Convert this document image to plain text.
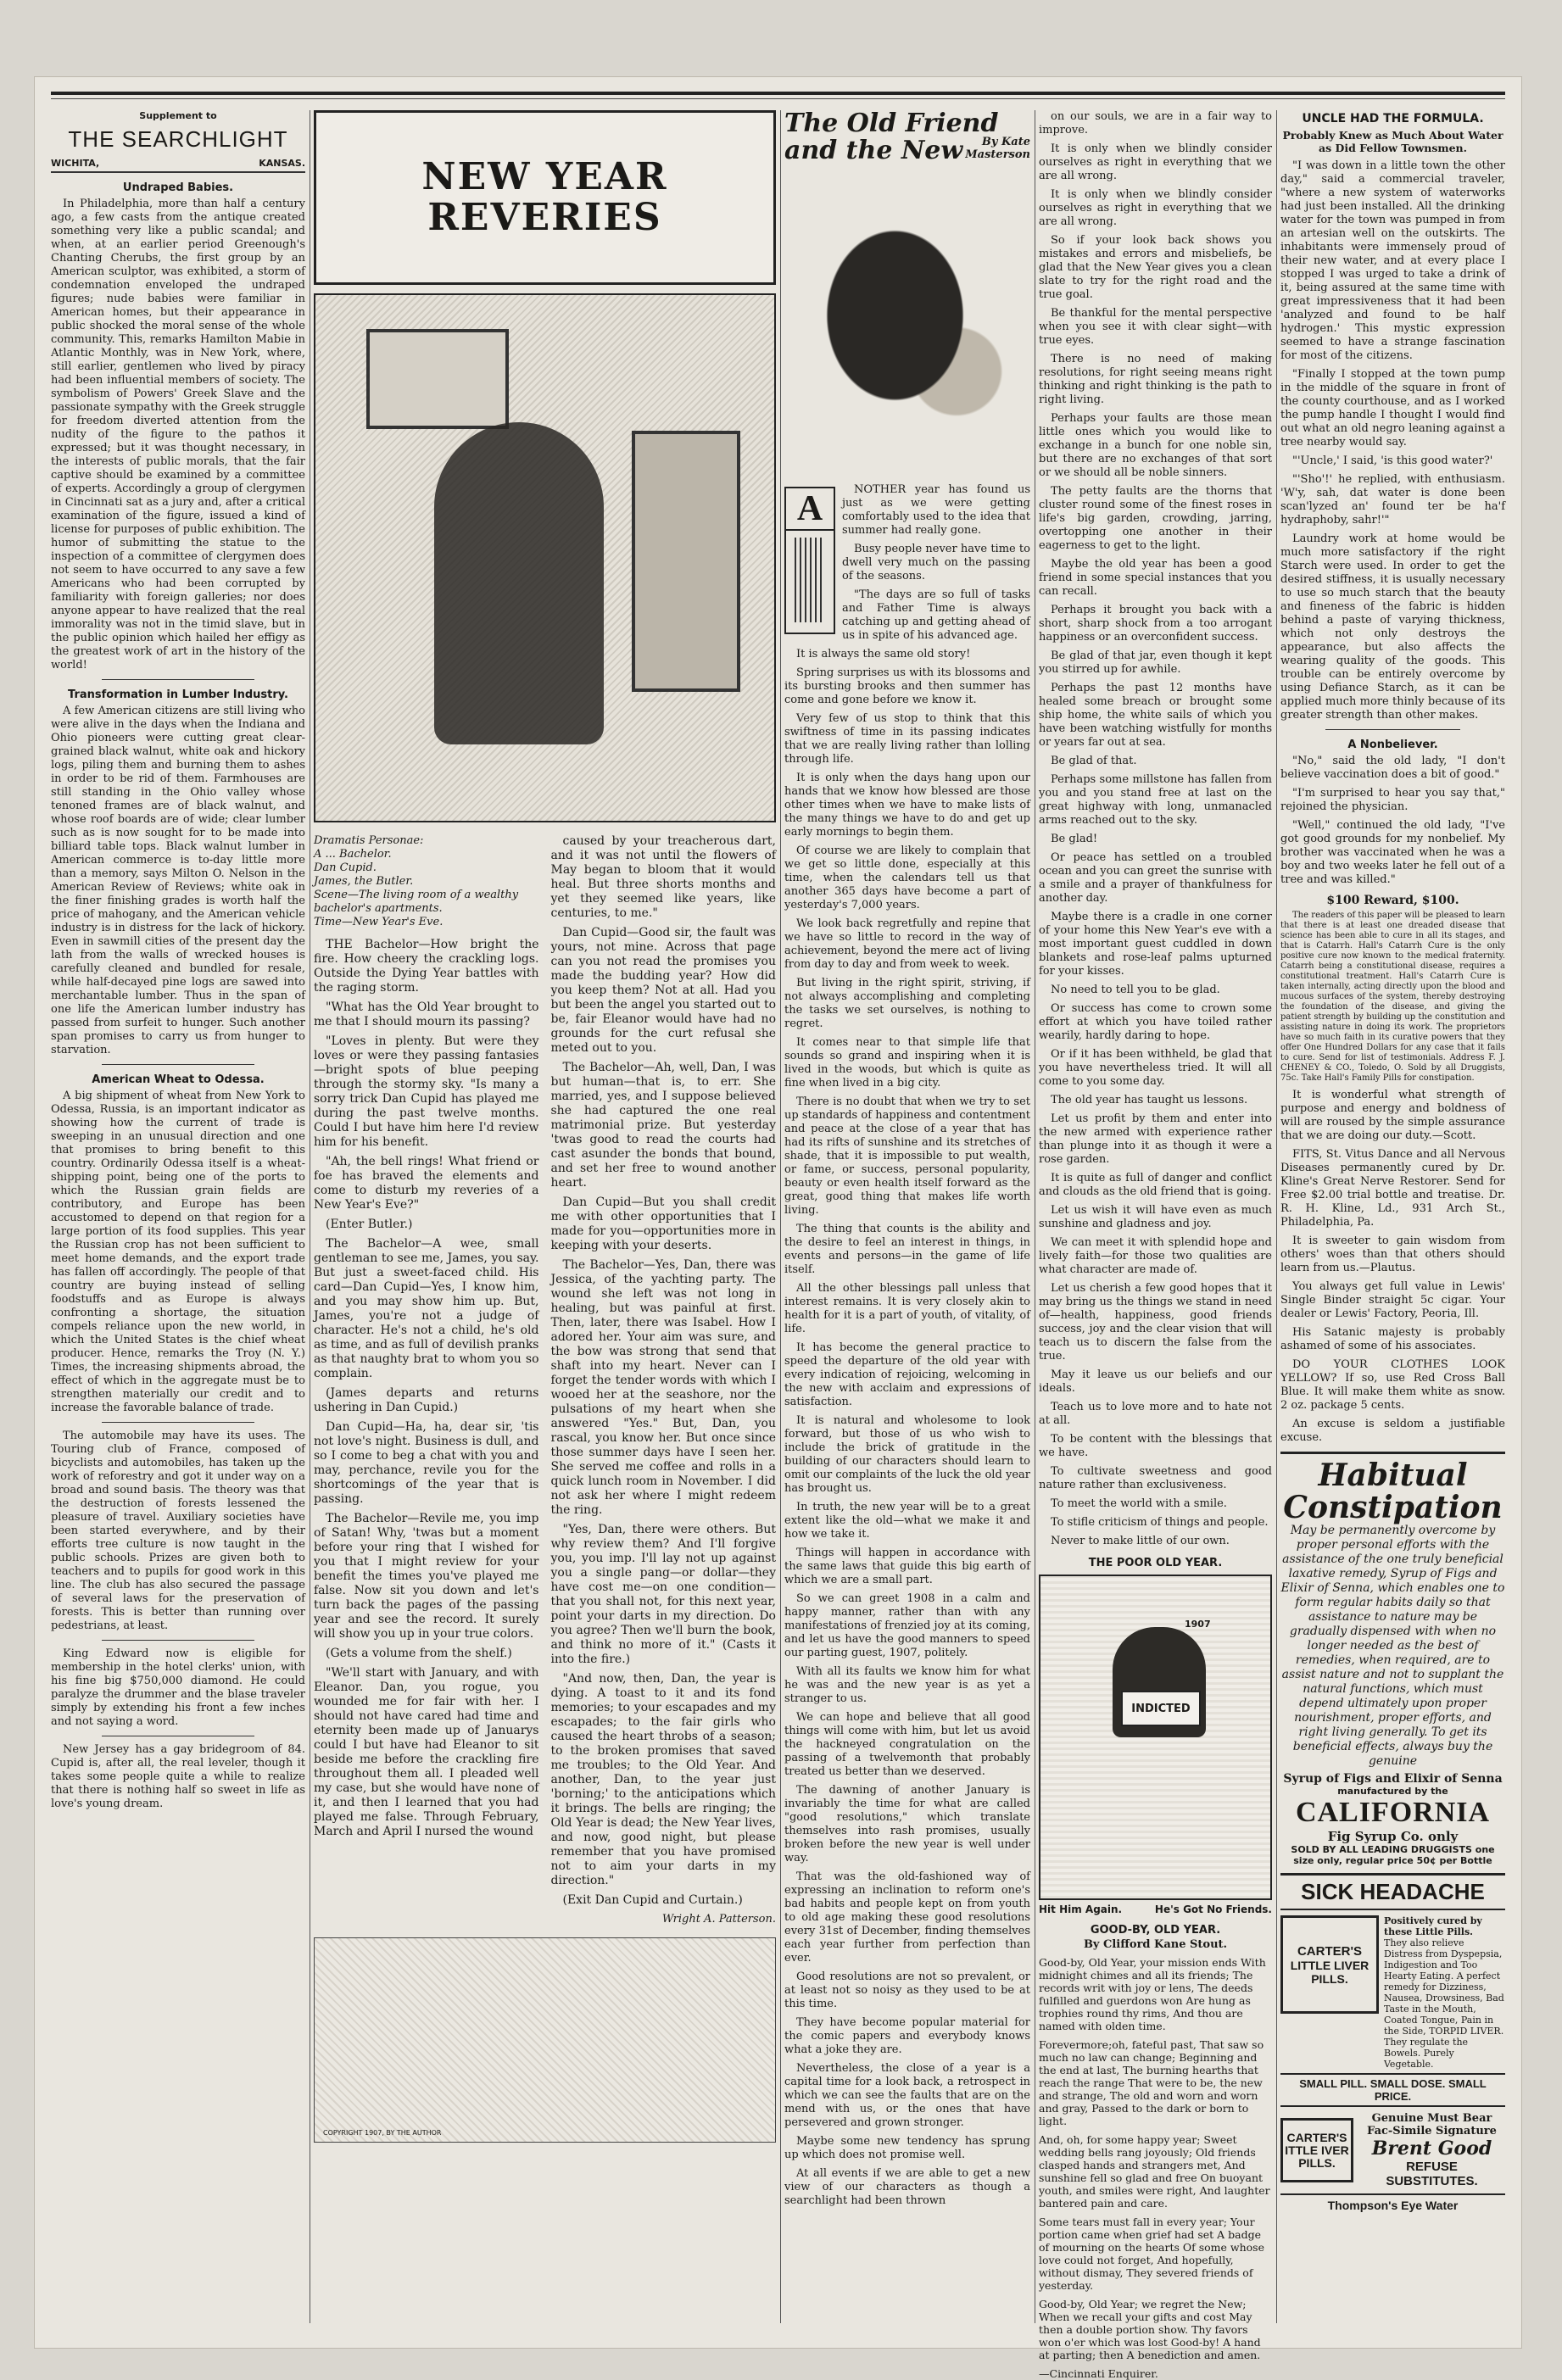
Supplement to
THE SEARCHLIGHT
WICHITA,	KANSAS.
Undraped Babies.

In Philadelphia, more than half a century ago, a few casts from the antique created something very like a public scandal; and when, at an earlier period Greenough's Chanting Cherubs, the first group by an American sculptor, was exhibited, a storm of condemnation enveloped the undraped figures; nude babies were familiar in American homes, but their appearance in public shocked the moral sense of the whole community. This, remarks Hamilton Mabie in Atlantic Monthly, was in New York, where, still earlier, gentlemen who lived by piracy had been influential members of society. The symbolism of Powers' Greek Slave and the passionate sympathy with the Greek struggle for freedom diverted attention from the nudity of the figure to the pathos it expressed; but it was thought necessary, in the interests of public morals, that the fair captive should be examined by a committee of experts. Accordingly a group of clergymen in Cincinnati sat as a jury and, after a critical examination of the figure, issued a kind of license for purposes of public exhibition. The humor of submitting the statue to the inspection of a committee of clergymen does not seem to have occurred to any save a few Americans who had been corrupted by familiarity with foreign galleries; nor does anyone appear to have realized that the real immorality was not in the timid slave, but in the public opinion which hailed her effigy as the greatest work of art in the history of the world!

Transformation in Lumber Industry.

A few American citizens are still living who were alive in the days when the Indiana and Ohio pioneers were cutting great clear-grained black walnut, white oak and hickory logs, piling them and burning them to ashes in order to be rid of them. Farmhouses are still standing in the Ohio valley whose tenoned frames are of black walnut, and whose roof boards are of wide; clear lumber such as is now sought for to be made into billiard table tops. Black walnut lumber in American commerce is to-day little more than a memory, says Milton O. Nelson in the American Review of Reviews; white oak in the finer finishing grades is worth half the price of mahogany, and the American vehicle industry is in distress for the lack of hickory. Even in sawmill cities of the present day the lath from the walls of wrecked houses is carefully cleaned and bundled for resale, while half-decayed pine logs are sawed into merchantable lumber. Thus in the span of one life the American lumber industry has passed from surfeit to hunger. Such another span promises to carry us from hunger to starvation.

American Wheat to Odessa.

A big shipment of wheat from New York to Odessa, Russia, is an important indicator as showing how the current of trade is sweeping in an unusual direction and one that promises to bring benefit to this country. Ordinarily Odessa itself is a wheat-shipping point, being one of the ports to which the Russian grain fields are contributory, and Europe has been accustomed to depend on that region for a large portion of its food supplies. This year the Russian crop has not been sufficient to meet home demands, and the export trade has fallen off accordingly. The people of that country are buying instead of selling foodstuffs and as Europe is always confronting a shortage, the situation compels reliance upon the new world, in which the United States is the chief wheat producer. Hence, remarks the Troy (N. Y.) Times, the increasing shipments abroad, the effect of which in the aggregate must be to strengthen materially our credit and to increase the favorable balance of trade.

The automobile may have its uses. The Touring club of France, composed of bicyclists and automobiles, has taken up the work of reforestry and got it under way on a broad and sound basis. The theory was that the destruction of forests lessened the pleasure of travel. Auxiliary societies have been started everywhere, and by their efforts tree culture is now taught in the public schools. Prizes are given both to teachers and to pupils for good work in this line. The club has also secured the passage of several laws for the preservation of forests. This is better than running over pedestrians, at least.

King Edward now is eligible for membership in the hotel clerks' union, with his fine big $750,000 diamond. He could paralyze the drummer and the blase traveler simply by extending his front a few inches and not saying a word.

New Jersey has a gay bridegroom of 84. Cupid is, after all, the real leveler, though it takes some people quite a while to realize that there is nothing half so sweet in life as love's young dream.

NEW YEAR
REVERIES
Dramatis Personae:
A ... Bachelor.
Dan Cupid.
James, the Butler.
Scene—The living room of a wealthy bachelor's apartments.
Time—New Year's Eve.

THE Bachelor—How bright the fire. How cheery the crackling logs. Outside the Dying Year battles with the raging storm.

"What has the Old Year brought to me that I should mourn its passing?

"Loves in plenty. But were they loves or were they passing fantasies—bright spots of blue peeping through the stormy sky. "Is many a sorry trick Dan Cupid has played me during the past twelve months. Could I but have him here I'd review him for his benefit.

"Ah, the bell rings! What friend or foe has braved the elements and come to disturb my reveries of a New Year's Eve?"

(Enter Butler.)

The Bachelor—A wee, small gentleman to see me, James, you say. But just a sweet-faced child. His card—Dan Cupid—Yes, I know him, and you may show him up. But, James, you're not a judge of character. He's not a child, he's old as time, and as full of devilish pranks as that naughty brat to whom you so complain.

(James departs and returns ushering in Dan Cupid.)

Dan Cupid—Ha, ha, dear sir, 'tis not love's night. Business is dull, and so I come to beg a chat with you and may, perchance, revile you for the shortcomings of the year that is passing.

The Bachelor—Revile me, you imp of Satan! Why, 'twas but a moment before your ring that I wished for you that I might review for your benefit the times you've played me false. Now sit you down and let's turn back the pages of the passing year and see the record. It surely will show you up in your true colors.

(Gets a volume from the shelf.)

"We'll start with January, and with Eleanor. Dan, you rogue, you wounded me for fair with her. I should not have cared had time and eternity been made up of Januarys could I but have had Eleanor to sit beside me before the crackling fire throughout them all. I pleaded well my case, but she would have none of it, and then I learned that you had played me false. Through February, March and April I nursed the wound

caused by your treacherous dart, and it was not until the flowers of May began to bloom that it would heal. But three shorts months and yet they seemed like years, like centuries, to me."

Dan Cupid—Good sir, the fault was yours, not mine. Across that page can you not read the promises you made the budding year? How did you keep them? Not at all. Had you but been the angel you started out to be, fair Eleanor would have had no grounds for the curt refusal she meted out to you.

The Bachelor—Ah, well, Dan, I was but human—that is, to err. She married, yes, and I suppose believed she had captured the one real matrimonial prize. But yesterday 'twas good to read the courts had cast asunder the bonds that bound, and set her free to wound another heart.

Dan Cupid—But you shall credit me with other opportunities that I made for you—opportunities more in keeping with your deserts.

The Bachelor—Yes, Dan, there was Jessica, of the yachting party. The wound she left was not long in healing, but was painful at first. Then, later, there was Isabel. How I adored her. Your aim was sure, and the bow was strong that send that shaft into my heart. Never can I forget the tender words with which I wooed her at the seashore, nor the pulsations of my heart when she answered "Yes." But, Dan, you rascal, you know her. But once since those summer days have I seen her. She served me coffee and rolls in a quick lunch room in November. I did not ask her where I might redeem the ring.

"Yes, Dan, there were others. But why review them? And I'll forgive you, you imp. I'll lay not up against you a single pang—or dollar—they have cost me—on one condition—that you shall not, for this next year, point your darts in my direction. Do you agree? Then we'll burn the book, and think no more of it." (Casts it into the fire.)

"And now, then, Dan, the year is dying. A toast to it and its fond memories; to your escapades and my escapades; to the fair girls who caused the heart throbs of a season; to the broken promises that saved me troubles; to the Old Year. And another, Dan, to the year just 'borning;' to the anticipations which it brings. The bells are ringing; the Old Year is dead; the New Year lives, and now, good night, but please remember that you have promised not to aim your darts in my direction."

(Exit Dan Cupid and Curtain.)

Wright A. Patterson.
COPYRIGHT 1907, BY THE AUTHOR
The Old Friend
and the New	By Kate
Masterson
A	NOTHER year has found us just as we were getting comfortably used to the idea that summer had really gone.

Busy people never have time to dwell very much on the passing of the seasons.

"The days are so full of tasks and Father Time is always catching up and getting ahead of us in spite of his advanced age.

It is always the same old story!

Spring surprises us with its blossoms and its bursting brooks and then summer has come and gone before we know it.

Very few of us stop to think that this swiftness of time in its passing indicates that we are really living rather than lolling through life.

It is only when the days hang upon our hands that we know how blessed are those other times when we have to make lists of the many things we have to do and get up early mornings to begin them.

Of course we are likely to complain that we get so little done, especially at this time, when the calendars tell us that another 365 days have become a part of yesterday's 7,000 years.

We look back regretfully and repine that we have so little to record in the way of achievement, beyond the mere act of living from day to day and from week to week.

But living in the right spirit, striving, if not always accomplishing and completing the tasks we set ourselves, is nothing to regret.

It comes near to that simple life that sounds so grand and inspiring when it is lived in the woods, but which is quite as fine when lived in a big city.

There is no doubt that when we try to set up standards of happiness and contentment and peace at the close of a year that has had its rifts of sunshine and its stretches of shade, that it is impossible to put wealth, or fame, or success, personal popularity, beauty or even health itself forward as the great, good thing that makes life worth living.

The thing that counts is the ability and the desire to feel an interest in things, in events and persons—in the game of life itself.

All the other blessings pall unless that interest remains. It is very closely akin to health for it is a part of youth, of vitality, of life.

It has become the general practice to speed the departure of the old year with every indication of rejoicing, welcoming in the new with acclaim and expressions of satisfaction.

It is natural and wholesome to look forward, but those of us who wish to include the brick of gratitude in the building of our characters should learn to omit our complaints of the luck the old year has brought us.

In truth, the new year will be to a great extent like the old—what we make it and how we take it.

Things will happen in accordance with the same laws that guide this big earth of which we are a small part.

So we can greet 1908 in a calm and happy manner, rather than with any manifestations of frenzied joy at its coming, and let us have the good manners to speed our parting guest, 1907, politely.

With all its faults we know him for what he was and the new year is as yet a stranger to us.

We can hope and believe that all good things will come with him, but let us avoid the hackneyed congratulation on the passing of a twelvemonth that probably treated us better than we deserved.

The dawning of another January is invariably the time for what are called "good resolutions," which translate themselves into rash promises, usually broken before the new year is well under way.

That was the old-fashioned way of expressing an inclination to reform one's bad habits and people kept on from youth to old age making these good resolutions every 31st of December, finding themselves each year further from perfection than ever.

Good resolutions are not so prevalent, or at least not so noisy as they used to be at this time.

They have become popular material for the comic papers and everybody knows what a joke they are.

Nevertheless, the close of a year is a capital time for a look back, a retrospect in which we can see the faults that are on the mend with us, or the ones that have persevered and grown stronger.

Maybe some new tendency has sprung up which does not promise well.

At all events if we are able to get a new view of our characters as though a searchlight had been thrown

on our souls, we are in a fair way to improve.

It is only when we blindly consider ourselves as right in everything that we are all wrong.

It is only when we blindly consider ourselves as right in everything that we are all wrong.

So if your look back shows you mistakes and errors and misbeliefs, be glad that the New Year gives you a clean slate to try for the right road and the true goal.

Be thankful for the mental perspective when you see it with clear sight—with true eyes.

There is no need of making resolutions, for right seeing means right thinking and right thinking is the path to right living.

Perhaps your faults are those mean little ones which you would like to exchange in a bunch for one noble sin, but there are no exchanges of that sort or we should all be noble sinners.

The petty faults are the thorns that cluster round some of the finest roses in life's big garden, crowding, jarring, overtopping one another in their eagerness to get to the light.

Maybe the old year has been a good friend in some special instances that you can recall.

Perhaps it brought you back with a short, sharp shock from a too arrogant happiness or an overconfident success.

Be glad of that jar, even though it kept you stirred up for awhile.

Perhaps the past 12 months have healed some breach or brought some ship home, the white sails of which you have been watching wistfully for months or years far out at sea.

Be glad of that.

Perhaps some millstone has fallen from you and you stand free at last on the great highway with long, unmanacled arms reached out to the sky.

Be glad!

Or peace has settled on a troubled ocean and you can greet the sunrise with a smile and a prayer of thankfulness for another day.

Maybe there is a cradle in one corner of your home this New Year's eve with a most important guest cuddled in down blankets and rose-leaf palms upturned for your kisses.

No need to tell you to be glad.

Or success has come to crown some effort at which you have toiled rather wearily, hardly daring to hope.

Or if it has been withheld, be glad that you have nevertheless tried. It will all come to you some day.

The old year has taught us lessons.

Let us profit by them and enter into the new armed with experience rather than plunge into it as though it were a rose garden.

It is quite as full of danger and conflict and clouds as the old friend that is going.

Let us wish it will have even as much sunshine and gladness and joy.

We can meet it with splendid hope and lively faith—for those two qualities are what character are made of.

Let us cherish a few good hopes that it may bring us the things we stand in need of—health, happiness, good friends success, joy and the clear vision that will teach us to discern the false from the true.

May it leave us our beliefs and our ideals.

Teach us to love more and to hate not at all.

To be content with the blessings that we have.

To cultivate sweetness and good nature rather than exclusiveness.

To meet the world with a smile.

To stifle criticism of things and people.

Never to make little of our own.

THE POOR OLD YEAR.
INDICTED
1907
Hit Him Again.	He's Got No Friends.
GOOD-BY, OLD YEAR.
By Clifford Kane Stout.

Good-by, Old Year, your mission ends With midnight chimes and all its friends; The records writ with joy or lens, The deeds fulfilled and guerdons won Are hung as trophies round thy rims, And thou are named with olden time.

Forevermore;oh, fateful past, That saw so much no law can change; Beginning and the end at last, The burning hearths that reach the range That were to be, the new and strange, The old and worn and worn and gray, Passed to the dark or born to light.

And, oh, for some happy year; Sweet wedding bells rang joyously; Old friends clasped hands and strangers met, And sunshine fell so glad and free On buoyant youth, and smiles were right, And laughter bantered pain and care.

Some tears must fall in every year; Your portion came when grief had set A badge of mourning on the hearts Of some whose love could not forget, And hopefully, without dismay, They severed friends of yesterday.

Good-by, Old Year; we regret the New; When we recall your gifts and cost May then a double portion show. Thy favors won o'er which was lost Good-by! A hand at parting; then A benediction and amen.

—Cincinnati Enquirer.

UNCLE HAD THE FORMULA.
Probably Knew as Much About Water as Did Fellow Townsmen.

"I was down in a little town the other day," said a commercial traveler, "where a new system of waterworks had just been installed. All the drinking water for the town was pumped in from an artesian well on the outskirts. The inhabitants were immensely proud of their new water, and at every place I stopped I was urged to take a drink of it, being assured at the same time with great impressiveness that it had been 'analyzed and found to be half hydrogen.' This mystic expression seemed to have a strange fascination for most of the citizens.

"Finally I stopped at the town pump in the middle of the square in front of the county courthouse, and as I worked the pump handle I thought I would find out what an old negro leaning against a tree nearby would say.

"'Uncle,' I said, 'is this good water?'

"'Sho'!' he replied, with enthusiasm. 'W'y, sah, dat water is done been scan'lyzed an' found ter be ha'f hydraphoby, sahr!'"

Laundry work at home would be much more satisfactory if the right Starch were used. In order to get the desired stiffness, it is usually necessary to use so much starch that the beauty and fineness of the fabric is hidden behind a paste of varying thickness, which not only destroys the appearance, but also affects the wearing quality of the goods. This trouble can be entirely overcome by using Defiance Starch, as it can be applied much more thinly because of its greater strength than other makes.

A Nonbeliever.

"No," said the old lady, "I don't believe vaccination does a bit of good."

"I'm surprised to hear you say that," rejoined the physician.

"Well," continued the old lady, "I've got good grounds for my nonbelief. My brother was vaccinated when he was a boy and two weeks later he fell out of a tree and was killed."

$100 Reward, $100.

The readers of this paper will be pleased to learn that there is at least one dreaded disease that science has been able to cure in all its stages, and that is Catarrh. Hall's Catarrh Cure is the only positive cure now known to the medical fraternity. Catarrh being a constitutional disease, requires a constitutional treatment. Hall's Catarrh Cure is taken internally, acting directly upon the blood and mucous surfaces of the system, thereby destroying the foundation of the disease, and giving the patient strength by building up the constitution and assisting nature in doing its work. The proprietors have so much faith in its curative powers that they offer One Hundred Dollars for any case that it fails to cure. Send for list of testimonials. Address F. J. CHENEY & CO., Toledo, O. Sold by all Druggists, 75c. Take Hall's Family Pills for constipation.

It is wonderful what strength of purpose and energy and boldness of will are roused by the simple assurance that we are doing our duty.—Scott.

FITS, St. Vitus Dance and all Nervous Diseases permanently cured by Dr. Kline's Great Nerve Restorer. Send for Free $2.00 trial bottle and treatise. Dr. R. H. Kline, Ld., 931 Arch St., Philadelphia, Pa.

It is sweeter to gain wisdom from others' woes than that others should learn from us.—Plautus.

You always get full value in Lewis' Single Binder straight 5c cigar. Your dealer or Lewis' Factory, Peoria, Ill.

His Satanic majesty is probably ashamed of some of his associates.

DO YOUR CLOTHES LOOK YELLOW? If so, use Red Cross Ball Blue. It will make them white as snow. 2 oz. package 5 cents.

An excuse is seldom a justifiable excuse.

Habitual
Constipation
May be permanently overcome by proper personal efforts with the assistance of the one truly beneficial laxative remedy, Syrup of Figs and Elixir of Senna, which enables one to form regular habits daily so that assistance to nature may be gradually dispensed with when no longer needed as the best of remedies, when required, are to assist nature and not to supplant the natural functions, which must depend ultimately upon proper nourishment, proper efforts, and right living generally. To get its beneficial effects, always buy the genuine
Syrup of Figs and Elixir of Senna
manufactured by the
CALIFORNIA
Fig Syrup Co. only
SOLD BY ALL LEADING DRUGGISTS one size only, regular price 50¢ per Bottle
SICK HEADACHE
CARTER'S
LITTLE LIVER PILLS.
Positively cured by these Little Pills.
They also relieve Distress from Dyspepsia, Indigestion and Too Hearty Eating. A perfect remedy for Dizziness, Nausea, Drowsiness, Bad Taste in the Mouth, Coated Tongue, Pain in the Side, TORPID LIVER. They regulate the Bowels. Purely Vegetable.
SMALL PILL. SMALL DOSE. SMALL PRICE.
CARTER'S ITTLE IVER PILLS.
Genuine Must Bear Fac-Simile Signature
Brent Good
REFUSE SUBSTITUTES.
Thompson's Eye Water
